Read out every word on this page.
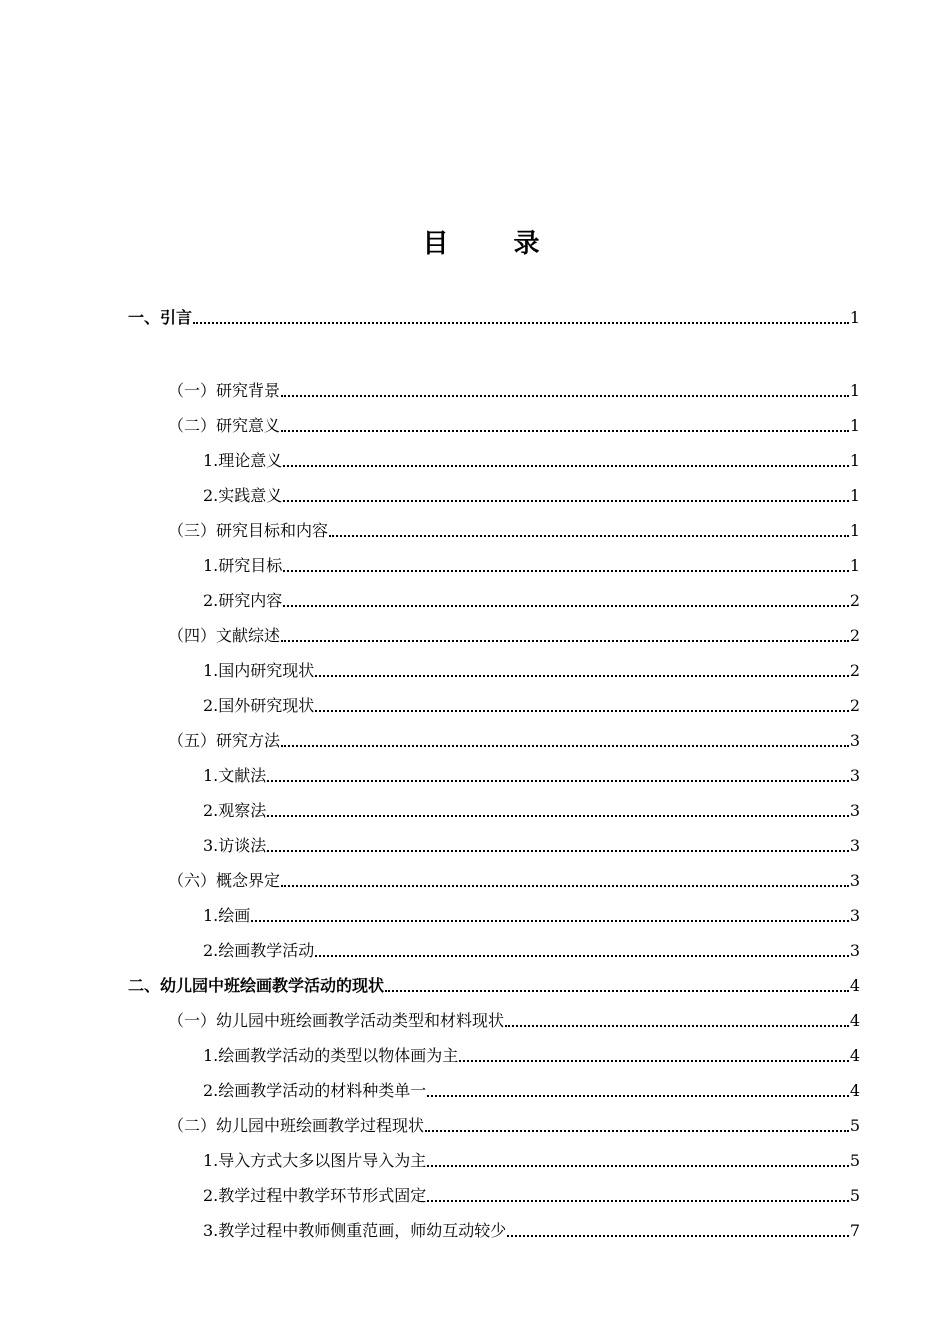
目 录
一、引言	1
（一）研究背景	1
（二）研究意义	1
1.理论意义	1
2.实践意义	1
（三）研究目标和内容	1
1.研究目标	1
2.研究内容	2
（四）文献综述	2
1.国内研究现状	2
2.国外研究现状	2
（五）研究方法	3
1.文献法	3
2.观察法	3
3.访谈法	3
（六）概念界定	3
1.绘画	3
2.绘画教学活动	3
二、幼儿园中班绘画教学活动的现状	4
（一）幼儿园中班绘画教学活动类型和材料现状	4
1.绘画教学活动的类型以物体画为主	4
2.绘画教学活动的材料种类单一	4
（二）幼儿园中班绘画教学过程现状	5
1.导入方式大多以图片导入为主	5
2.教学过程中教学环节形式固定	5
3.教学过程中教师侧重范画，师幼互动较少	7
